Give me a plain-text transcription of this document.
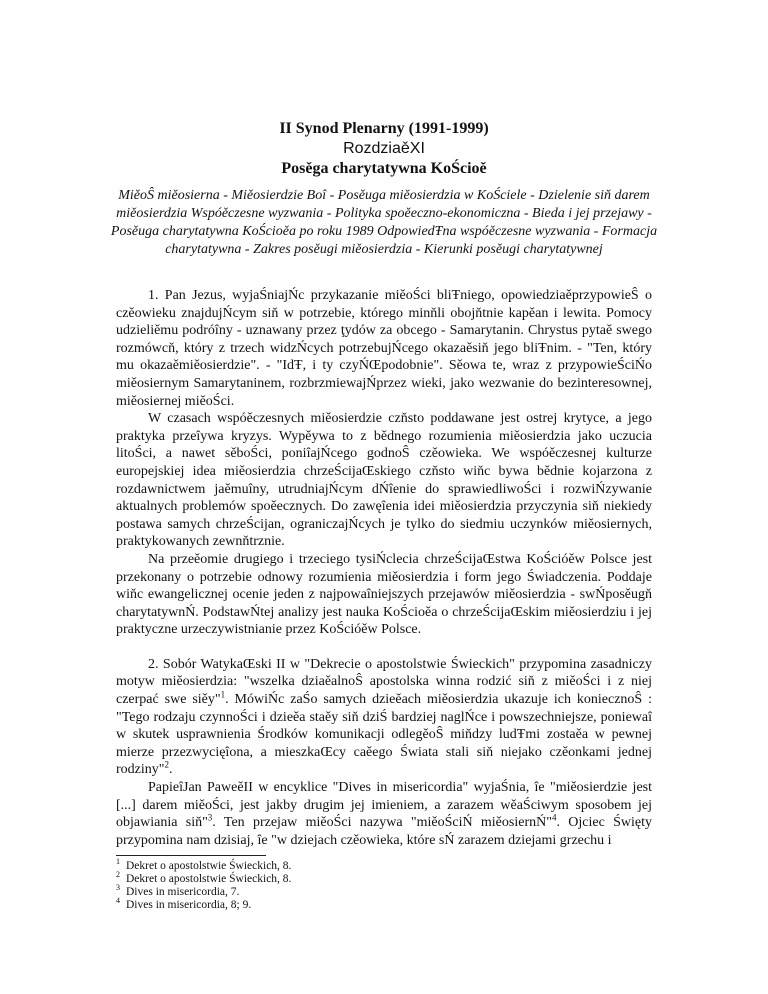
II Synod Plenarny (1991-1999)
RozdziaěXI
Posěga charytatywna KoŚcioě
MiěoŜ miěosierna - Miěosierdzie Boî - Posěuga miěosierdzia w KoŚciele - Dzielenie siň darem miěosierdzia Wspóěczesne wyzwania - Polityka spoěeczno-ekonomiczna - Bieda i jej przejawy - Posěuga charytatywna KoŚcioěa po roku 1989 OdpowiedŦna wspóěczesne wyzwania - Formacja charytatywna - Zakres posěugi miěosierdzia - Kierunki posěugi charytatywnej

1. Pan Jezus, wyjaŚniajŃc przykazanie miěoŚci bliŦniego, opowiedziaěprzypowieŜ o czěowieku znajdujŃcym siň w potrzebie, którego minňli obojňtnie kapěan i lewita. Pomocy udzieliěmu podróîny - uznawany przez ţydów za obcego - Samarytanin. Chrystus pytaě swego rozmówcň, który z trzech widzŃcych potrzebujŃcego okazaěsiň jego bliŦnim. - "Ten, który mu okazaěmiěosierdzie". - "IdŦ, i ty czyŃŒpodobnie". Sěowa te, wraz z przypowieŚciŃo miěosiernym Samarytaninem, rozbrzmiewajŃprzez wieki, jako wezwanie do bezinteresownej, miěosiernej miěoŚci.

W czasach wspóěczesnych miěosierdzie czňsto poddawane jest ostrej krytyce, a jego praktyka przeîywa kryzys. Wypěywa to z bědnego rozumienia miěosierdzia jako uczucia litoŚci, a nawet sěboŚci, poniîajŃcego godnoŜ czěowieka. We wspóěczesnej kulturze europejskiej idea miěosierdzia chrzeŚcijaŒskiego czňsto wiňc bywa bědnie kojarzona z rozdawnictwem jaěmuîny, utrudniajŃcym dŃîenie do sprawiedliwoŚci i rozwiŃzywanie aktualnych problemów spoěecznych. Do zawęîenia idei miěosierdzia przyczynia siň niekiedy postawa samych chrzeŚcijan, ograniczajŃcych je tylko do siedmiu uczynków miěosiernych, praktykowanych zewnňtrznie.

Na przeěomie drugiego i trzeciego tysiŃclecia chrzeŚcijaŒstwa KoŚcióěw Polsce jest przekonany o potrzebie odnowy rozumienia miěosierdzia i form jego Świadczenia. Poddaje wiňc ewangelicznej ocenie jeden z najpowaîniejszych przejawów miěosierdzia - swŃposěugň charytatywnŃ. PodstawŃtej analizy jest nauka KoŚcioěa o chrzeŚcijaŒskim miěosierdziu i jej praktyczne urzeczywistnianie przez KoŚcióěw Polsce.

2. Sobór WatykaŒski II w "Dekrecie o apostolstwie Świeckich" przypomina zasadniczy motyw miěosierdzia: "wszelka dziaěalnoŜ apostolska winna rodzić siň z miěoŚci i z niej czerpać swe siěy"$^1$. MówiŃc zaŚo samych dzieěach miěosierdzia ukazuje ich koniecznoŜ : "Tego rodzaju czynnoŚci i dzieěa staěy siň dziŚ bardziej naglŃce i powszechniejsze, poniewaî w skutek usprawnienia Środków komunikacji odlegěoŜ miňdzy ludŦmi zostaěa w pewnej mierze przezwycięîona, a mieszkaŒcy caěego Świata stali siň niejako czěonkami jednej rodziny"$^2$.

PapieîJan PaweěII w encyklice "Dives in misericordia" wyjaŚnia, îe "miěosierdzie jest [...] darem miěoŚci, jest jakby drugim jej imieniem, a zarazem wěaŚciwym sposobem jej objawiania siň"$^3$. Ten przejaw miěoŚci nazywa "miěoŚciŃ miěosiernŃ"$^4$. Ojciec Święty przypomina nam dzisiaj, îe "w dziejach czěowieka, które sŃ zarazem dziejami grzechu i

$^1$ Dekret o apostolstwie Świeckich, 8.
$^2$ Dekret o apostolstwie Świeckich, 8.
$^3$ Dives in misericordia, 7.
$^4$ Dives in misericordia, 8; 9.
